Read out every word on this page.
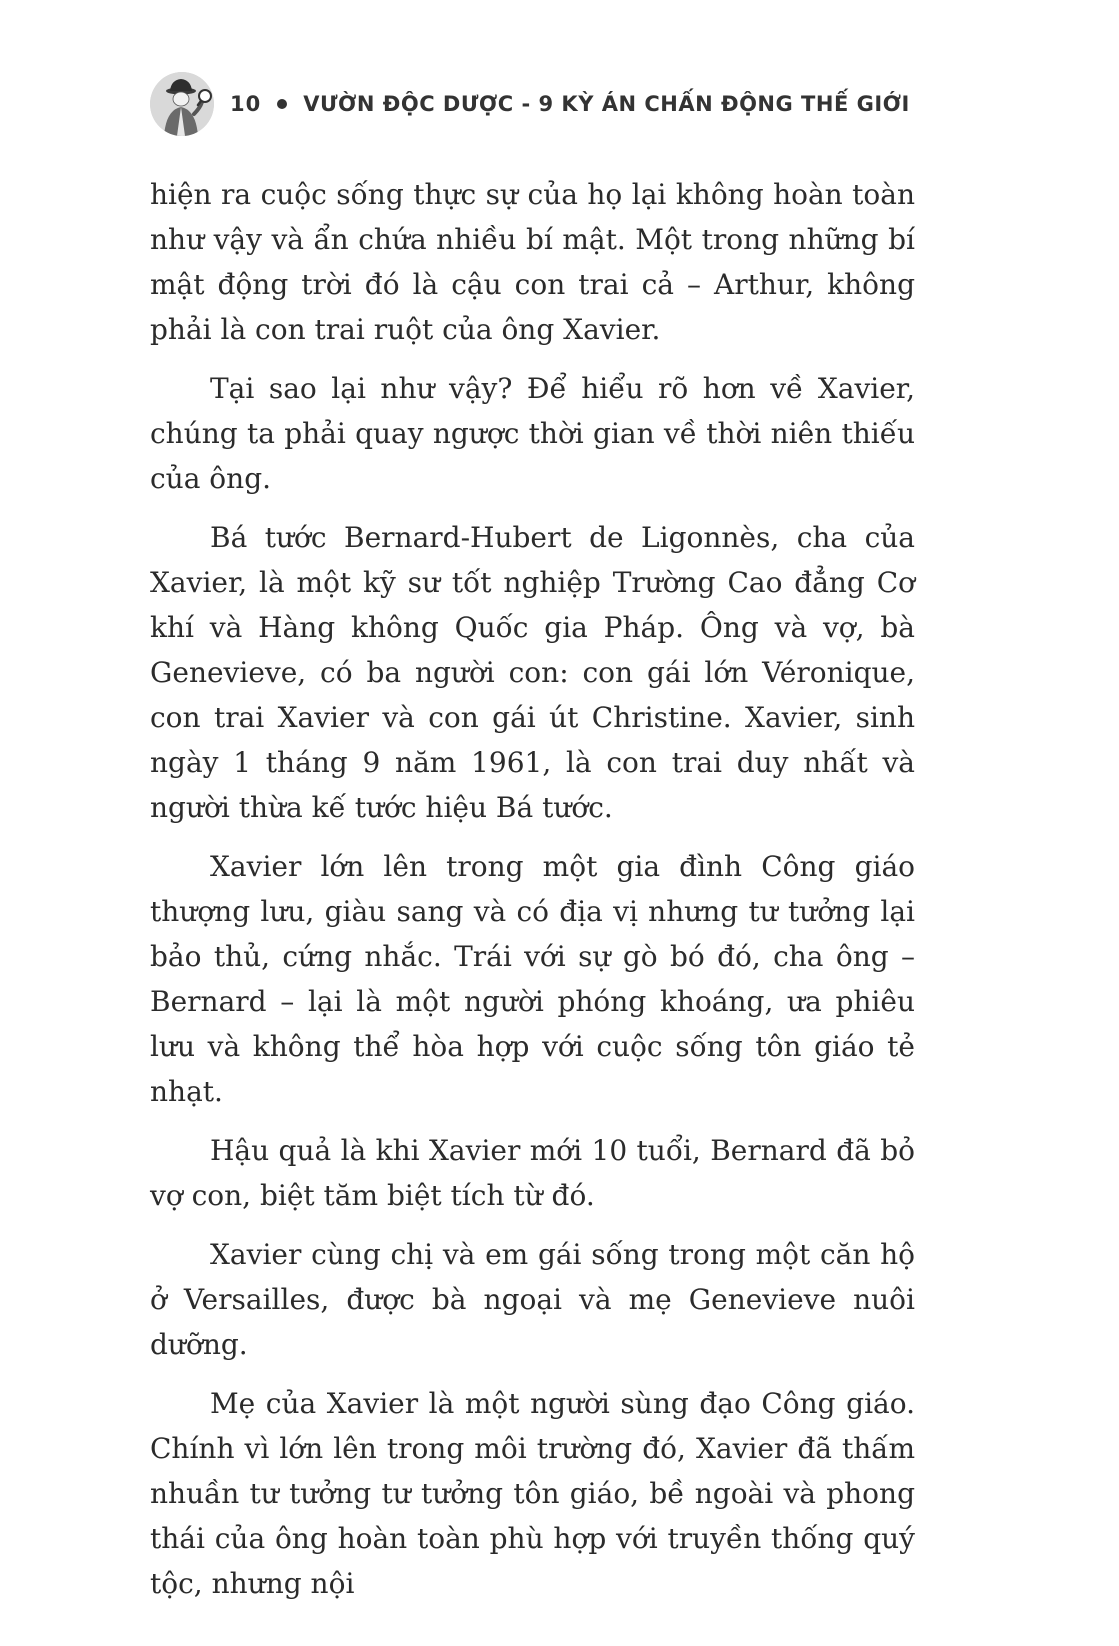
10 VƯỜN ĐỘC DƯỢC - 9 KỲ ÁN CHẤN ĐỘNG THẾ GIỚI

hiện ra cuộc sống thực sự của họ lại không hoàn toàn như vậy và ẩn chứa nhiều bí mật. Một trong những bí mật động trời đó là cậu con trai cả – Arthur, không phải là con trai ruột của ông Xavier.

Tại sao lại như vậy? Để hiểu rõ hơn về Xavier, chúng ta phải quay ngược thời gian về thời niên thiếu của ông.

Bá tước Bernard-Hubert de Ligonnès, cha của Xavier, là một kỹ sư tốt nghiệp Trường Cao đẳng Cơ khí và Hàng không Quốc gia Pháp. Ông và vợ, bà Genevieve, có ba người con: con gái lớn Véronique, con trai Xavier và con gái út Christine. Xavier, sinh ngày 1 tháng 9 năm 1961, là con trai duy nhất và người thừa kế tước hiệu Bá tước.

Xavier lớn lên trong một gia đình Công giáo thượng lưu, giàu sang và có địa vị nhưng tư tưởng lại bảo thủ, cứng nhắc. Trái với sự gò bó đó, cha ông – Bernard – lại là một người phóng khoáng, ưa phiêu lưu và không thể hòa hợp với cuộc sống tôn giáo tẻ nhạt.

Hậu quả là khi Xavier mới 10 tuổi, Bernard đã bỏ vợ con, biệt tăm biệt tích từ đó.

Xavier cùng chị và em gái sống trong một căn hộ ở Versailles, được bà ngoại và mẹ Genevieve nuôi dưỡng.

Mẹ của Xavier là một người sùng đạo Công giáo. Chính vì lớn lên trong môi trường đó, Xavier đã thấm nhuần tư tưởng tư tưởng tôn giáo, bề ngoài và phong thái của ông hoàn toàn phù hợp với truyền thống quý tộc, nhưng nội
